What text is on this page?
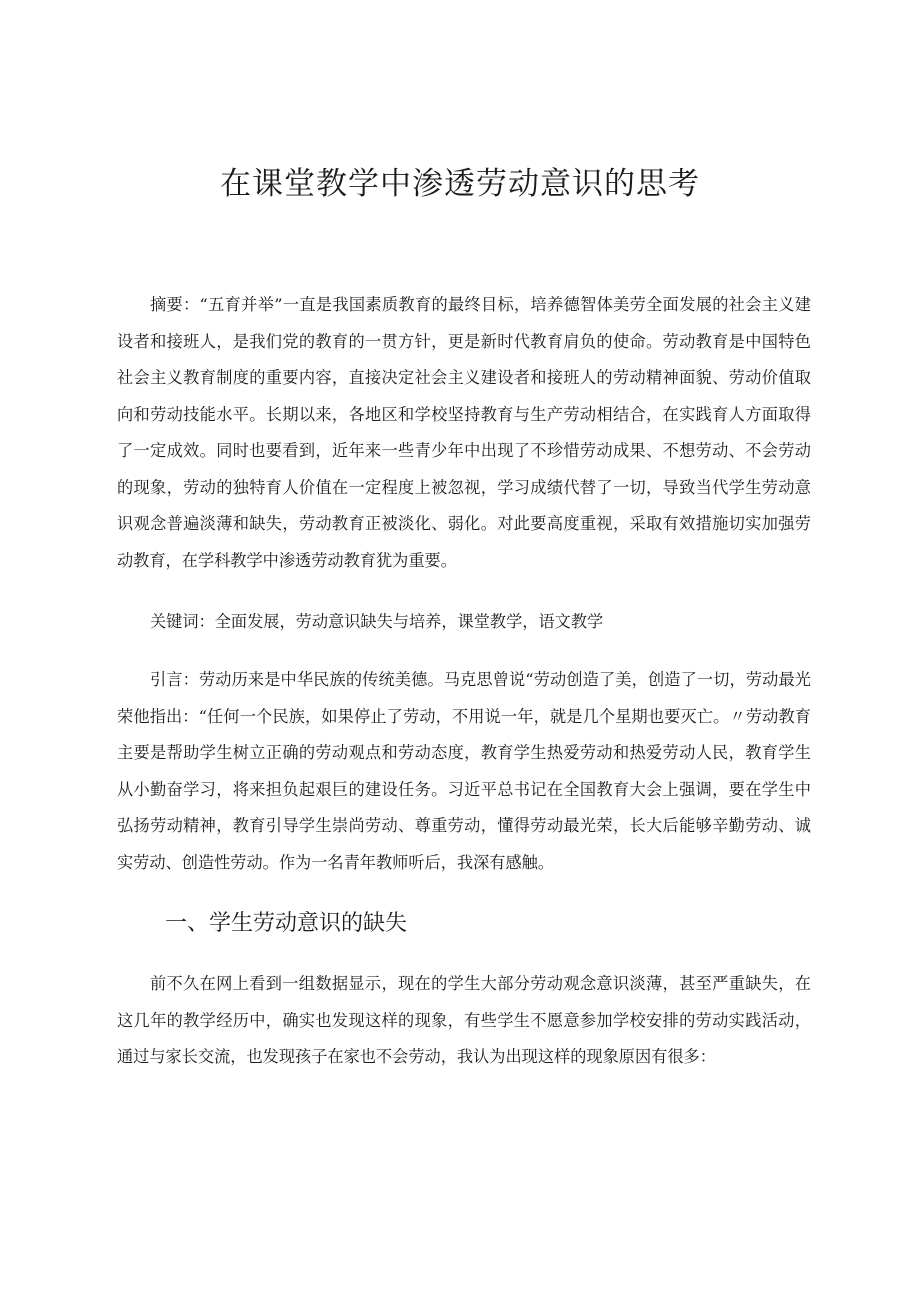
在课堂教学中渗透劳动意识的思考

摘要：“五育并举”一直是我国素质教育的最终目标，培养德智体美劳全面发展的社会主义建设者和接班人，是我们党的教育的一贯方针，更是新时代教育肩负的使命。劳动教育是中国特色社会主义教育制度的重要内容，直接决定社会主义建设者和接班人的劳动精神面貌、劳动价值取向和劳动技能水平。长期以来，各地区和学校坚持教育与生产劳动相结合，在实践育人方面取得了一定成效。同时也要看到，近年来一些青少年中出现了不珍惜劳动成果、不想劳动、不会劳动的现象，劳动的独特育人价值在一定程度上被忽视，学习成绩代替了一切，导致当代学生劳动意识观念普遍淡薄和缺失，劳动教育正被淡化、弱化。对此要高度重视，采取有效措施切实加强劳动教育，在学科教学中渗透劳动教育犹为重要。

关键词：全面发展，劳动意识缺失与培养，课堂教学，语文教学

引言：劳动历来是中华民族的传统美德。马克思曾说“劳动创造了美，创造了一切，劳动最光荣他指出：“任何一个民族，如果停止了劳动，不用说一年，就是几个星期也要灭亡。〃劳动教育主要是帮助学生树立正确的劳动观点和劳动态度，教育学生热爱劳动和热爱劳动人民，教育学生从小勤奋学习，将来担负起艰巨的建设任务。习近平总书记在全国教育大会上强调，要在学生中弘扬劳动精神，教育引导学生崇尚劳动、尊重劳动，懂得劳动最光荣，长大后能够辛勤劳动、诚实劳动、创造性劳动。作为一名青年教师听后，我深有感触。

一、学生劳动意识的缺失

前不久在网上看到一组数据显示，现在的学生大部分劳动观念意识淡薄，甚至严重缺失，在这几年的教学经历中，确实也发现这样的现象，有些学生不愿意参加学校安排的劳动实践活动，通过与家长交流，也发现孩子在家也不会劳动，我认为出现这样的现象原因有很多：
